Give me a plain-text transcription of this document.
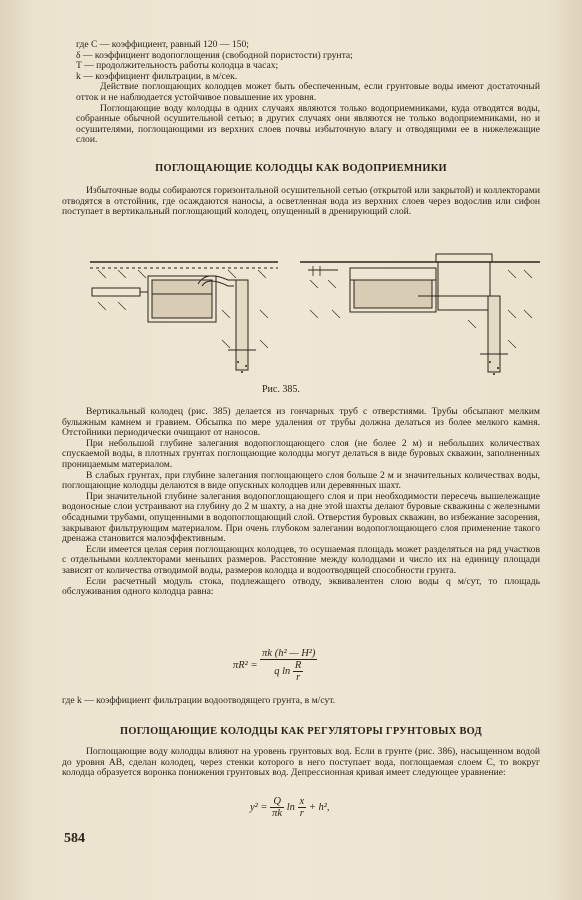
где C — коэффициент, равный 120 — 150;

δ — коэффициент водопоглощения (свободной пористости) грунта;

T — продолжительность работы колодца в часах;

k — коэффициент фильтрации, в м/сек.

Действие поглощающих колодцев может быть обеспеченным, если грунтовые воды имеют достаточный отток и не наблюдается устойчивое повышение их уровня.

Поглощающие воду колодцы в одних случаях являются только водоприемниками, куда отводятся воды, собранные обычной осушительной сетью; в других случаях они являются не только водоприемниками, но и осушителями, поглощающими из верхних слоев почвы избыточную влагу и отводящими ее в нижележащие слои.

ПОГЛОЩАЮЩИЕ КОЛОДЦЫ КАК ВОДОПРИЕМНИКИ

Избыточные воды собираются горизонтальной осушительной сетью (открытой или закрытой) и коллекторами отводятся в отстойник, где осаждаются наносы, а осветленная вода из верхних слоев через водослив или сифон поступает в вертикальный поглощающий колодец, опущенный в дренирующий слой.

Рис. 385.

Вертикальный колодец (рис. 385) делается из гончарных труб с отверстиями. Трубы обсыпают мелким булыжным камнем и гравием. Обсыпка по мере удаления от трубы должна делаться из более мелкого камня. Отстойники периодически очищают от наносов.

При небольшой глубине залегания водопоглощающего слоя (не более 2 м) и небольших количествах спускаемой воды, в плотных грунтах поглощающие колодцы могут делаться в виде буровых скважин, заполненных проницаемым материалом.

В слабых грунтах, при глубине залегания поглощающего слоя больше 2 м и значительных количествах воды, поглощающие колодцы делаются в виде опускных колодцев или деревянных шахт.

При значительной глубине залегания водопоглощающего слоя и при необходимости пересечь вышележащие водоносные слои устраивают на глубину до 2 м шахту, а на дне этой шахты делают буровые скважины с железными обсадными трубами, опущенными в водопоглощающий слой. Отверстия буровых скважин, во избежание засорения, закрывают фильтрующим материалом. При очень глубоком залегании водопоглощающего слоя применение такого дренажа становится малоэффективным.

Если имеется целая серия поглощающих колодцев, то осушаемая площадь может разделяться на ряд участков с отдельными коллекторами меньших размеров. Расстояние между колодцами и число их на единицу площади зависят от количества отводимой воды, размеров колодца и водоотводящей способности грунта.

Если расчетный модуль стока, подлежащего отводу, эквивалентен слою воды q м/сут, то площадь обслуживания одного колодца равна:

$\pi R^2 = \frac{\text{πk (h² — H²)}}{q \ln \frac{R}{r}}$

где k — коэффициент фильтрации водоотводящего грунта, в м/сут.

ПОГЛОЩАЮЩИЕ КОЛОДЦЫ КАК РЕГУЛЯТОРЫ ГРУНТОВЫХ ВОД

Поглощающие воду колодцы влияют на уровень грунтовых вод. Если в грунте (рис. 386), насыщенном водой до уровня AB, сделан колодец, через стенки которого в него поступает вода, поглощаемая слоем C, то вокруг колодца образуется воронка понижения грунтовых вод. Депрессионная кривая имеет следующее уравнение:

$y^2 = \frac{Q}{\pi k}$ $\ln \frac{x}{r} + h^2$,
584
